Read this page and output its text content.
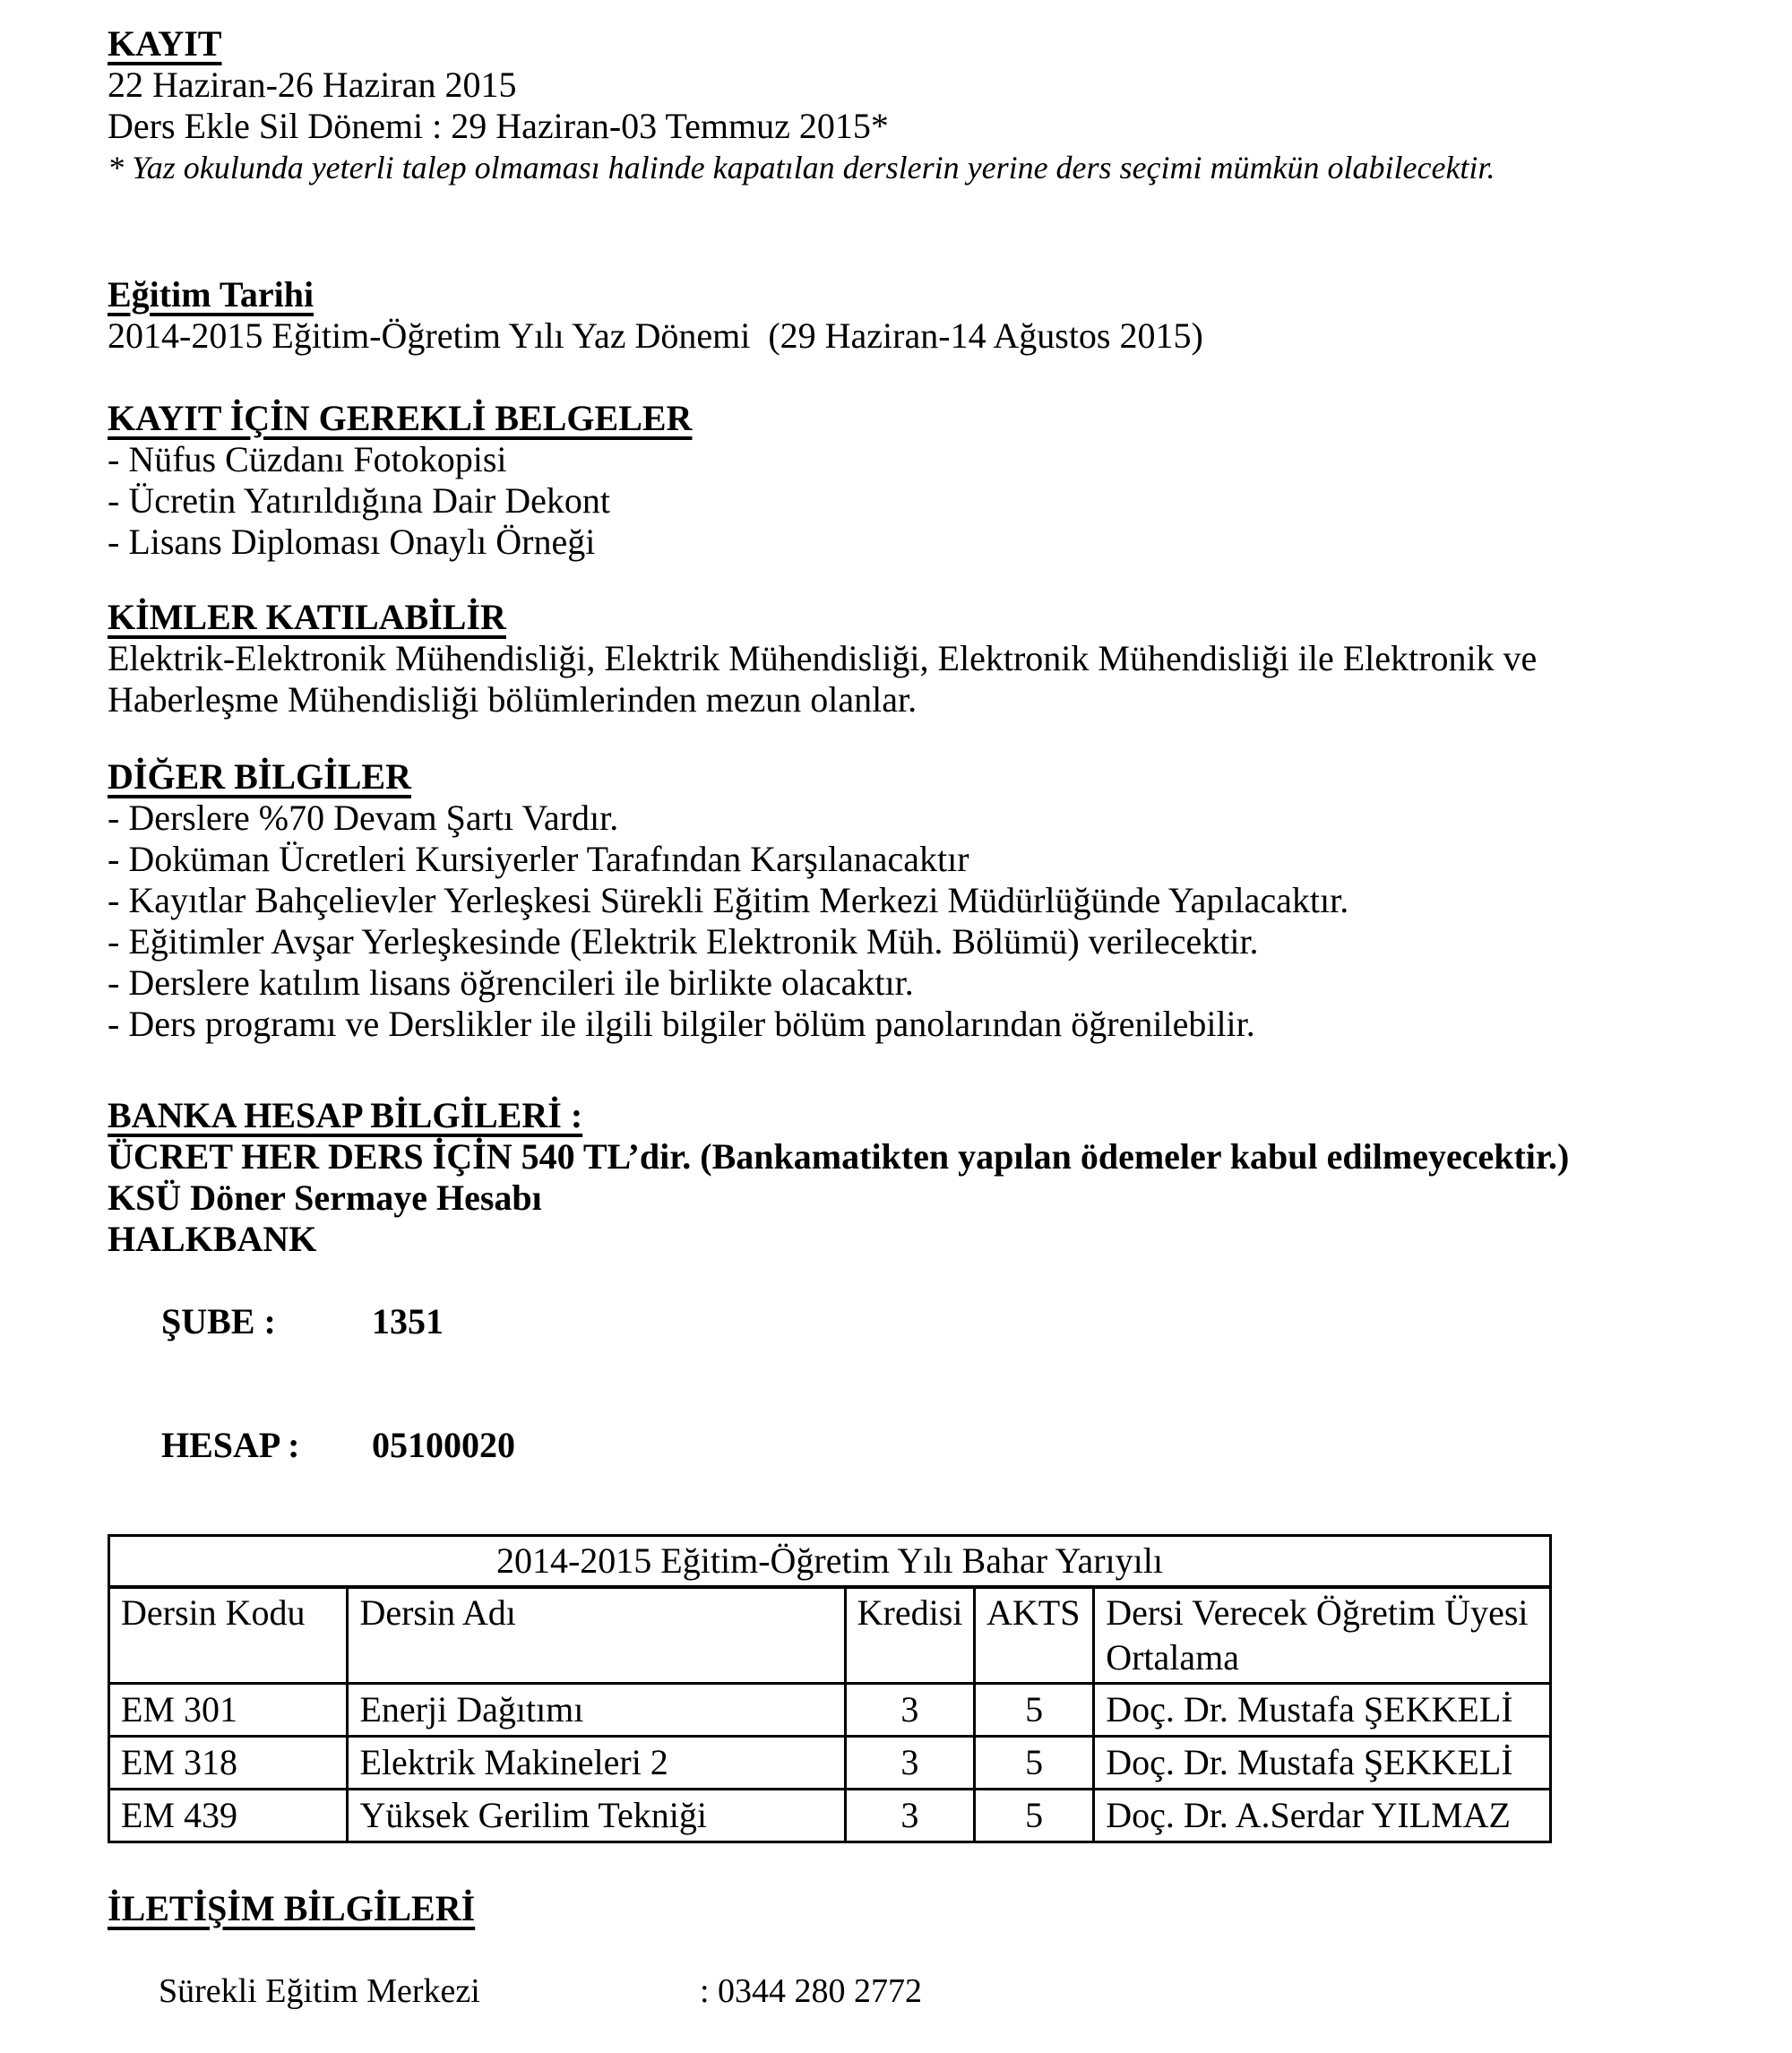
KAYIT
22 Haziran-26 Haziran 2015
Ders Ekle Sil Dönemi : 29 Haziran-03 Temmuz 2015*
* Yaz okulunda yeterli talep olmaması halinde kapatılan derslerin yerine ders seçimi mümkün olabilecektir.
Eğitim Tarihi
2014-2015 Eğitim-Öğretim Yılı Yaz Dönemi  (29 Haziran-14 Ağustos 2015)
KAYIT İÇİN GEREKLİ BELGELER
- Nüfus Cüzdanı Fotokopisi
- Ücretin Yatırıldığına Dair Dekont
- Lisans Diploması Onaylı Örneği
KİMLER KATILABİLİR

Elektrik-Elektronik Mühendisliği, Elektrik Mühendisliği, Elektronik Mühendisliği ile Elektronik ve Haberleşme Mühendisliği bölümlerinden mezun olanlar.

DİĞER BİLGİLER
- Derslere %70 Devam Şartı Vardır.
- Doküman Ücretleri Kursiyerler Tarafından Karşılanacaktır
- Kayıtlar Bahçelievler Yerleşkesi Sürekli Eğitim Merkezi Müdürlüğünde Yapılacaktır.
- Eğitimler Avşar Yerleşkesinde (Elektrik Elektronik Müh. Bölümü) verilecektir.
- Derslere katılım lisans öğrencileri ile birlikte olacaktır.
- Ders programı ve Derslikler ile ilgili bilgiler bölüm panolarından öğrenilebilir.
BANKA HESAP BİLGİLERİ :
ÜCRET HER DERS İÇİN 540 TL’dir. (Bankamatikten yapılan ödemeler kabul edilmeyecektir.)
KSÜ Döner Sermaye Hesabı
HALKBANK

ŞUBE :	1351

HESAP : 05100020

2014-2015 Eğitim-Öğretim Yılı Bahar Yarıyılı				
Dersin Kodu	Dersin Adı	Kredisi	AKTS	Dersi Verecek Öğretim Üyesi
Ortalama
EM 301	Enerji Dağıtımı	3	5	Doç. Dr. Mustafa ŞEKKELİ
EM 318	Elektrik Makineleri 2	3	5	Doç. Dr. Mustafa ŞEKKELİ
EM 439	Yüksek Gerilim Tekniği	3	5	Doç. Dr. A.Serdar YILMAZ
İLETİŞİM BİLGİLERİ

Sürekli Eğitim Merkezi	: 0344 280 2772
